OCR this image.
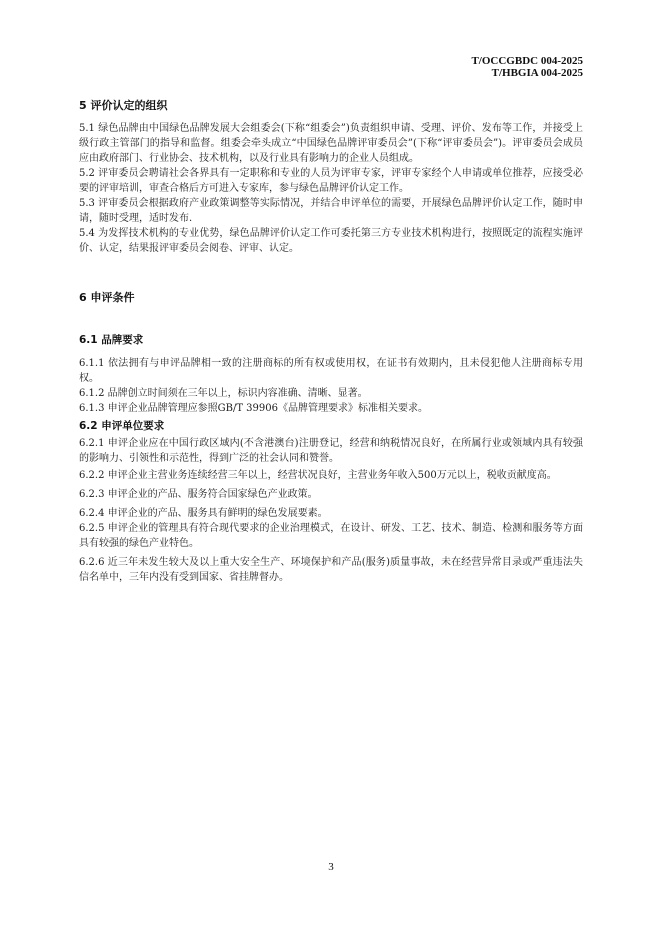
T/OCCGBDC 004-2025
T/HBGIA 004-2025

5 评价认定的组织

5.1 绿色品牌由中国绿色品牌发展大会组委会(下称“组委会”)负责组织申请、受理、评价、发布等工作，并接受上级行政主管部门的指导和监督。组委会牵头成立“中国绿色品牌评审委员会”(下称“评审委员会”)。评审委员会成员应由政府部门、行业协会、技术机构，以及行业具有影响力的企业人员组成。

5.2 评审委员会聘请社会各界具有一定职称和专业的人员为评审专家，评审专家经个人申请或单位推荐，应接受必要的评审培训，审查合格后方可进入专家库，参与绿色品牌评价认定工作。

5.3 评审委员会根据政府产业政策调整等实际情况，并结合申评单位的需要，开展绿色品牌评价认定工作，随时申请，随时受理，适时发布.

5.4 为发挥技术机构的专业优势，绿色品牌评价认定工作可委托第三方专业技术机构进行，按照既定的流程实施评价、认定，结果报评审委员会阅卷、评审、认定。

6 申评条件

6.1 品牌要求

6.1.1 依法拥有与申评品牌相一致的注册商标的所有权或使用权，在证书有效期内，且未侵犯他人注册商标专用权。

6.1.2 品牌创立时间须在三年以上，标识内容准确、清晰、显著。

6.1.3 申评企业品牌管理应参照GB/T 39906《品牌管理要求》标准相关要求。

6.2 申评单位要求

6.2.1 申评企业应在中国行政区域内(不含港澳台)注册登记，经营和纳税情况良好，在所属行业或领域内具有较强的影响力、引领性和示范性，得到广泛的社会认同和赞誉。

6.2.2 申评企业主营业务连续经营三年以上，经营状况良好，主营业务年收入500万元以上，税收贡献度高。

6.2.3 申评企业的产品、服务符合国家绿色产业政策。

6.2.4 申评企业的产品、服务具有鲜明的绿色发展要素。

6.2.5 申评企业的管理具有符合现代要求的企业治理模式，在设计、研发、工艺、技术、制造、检测和服务等方面具有较强的绿色产业特色。

6.2.6 近三年未发生较大及以上重大安全生产、环境保护和产品(服务)质量事故，未在经营异常目录或严重违法失信名单中，三年内没有受到国家、省挂牌督办。

3
